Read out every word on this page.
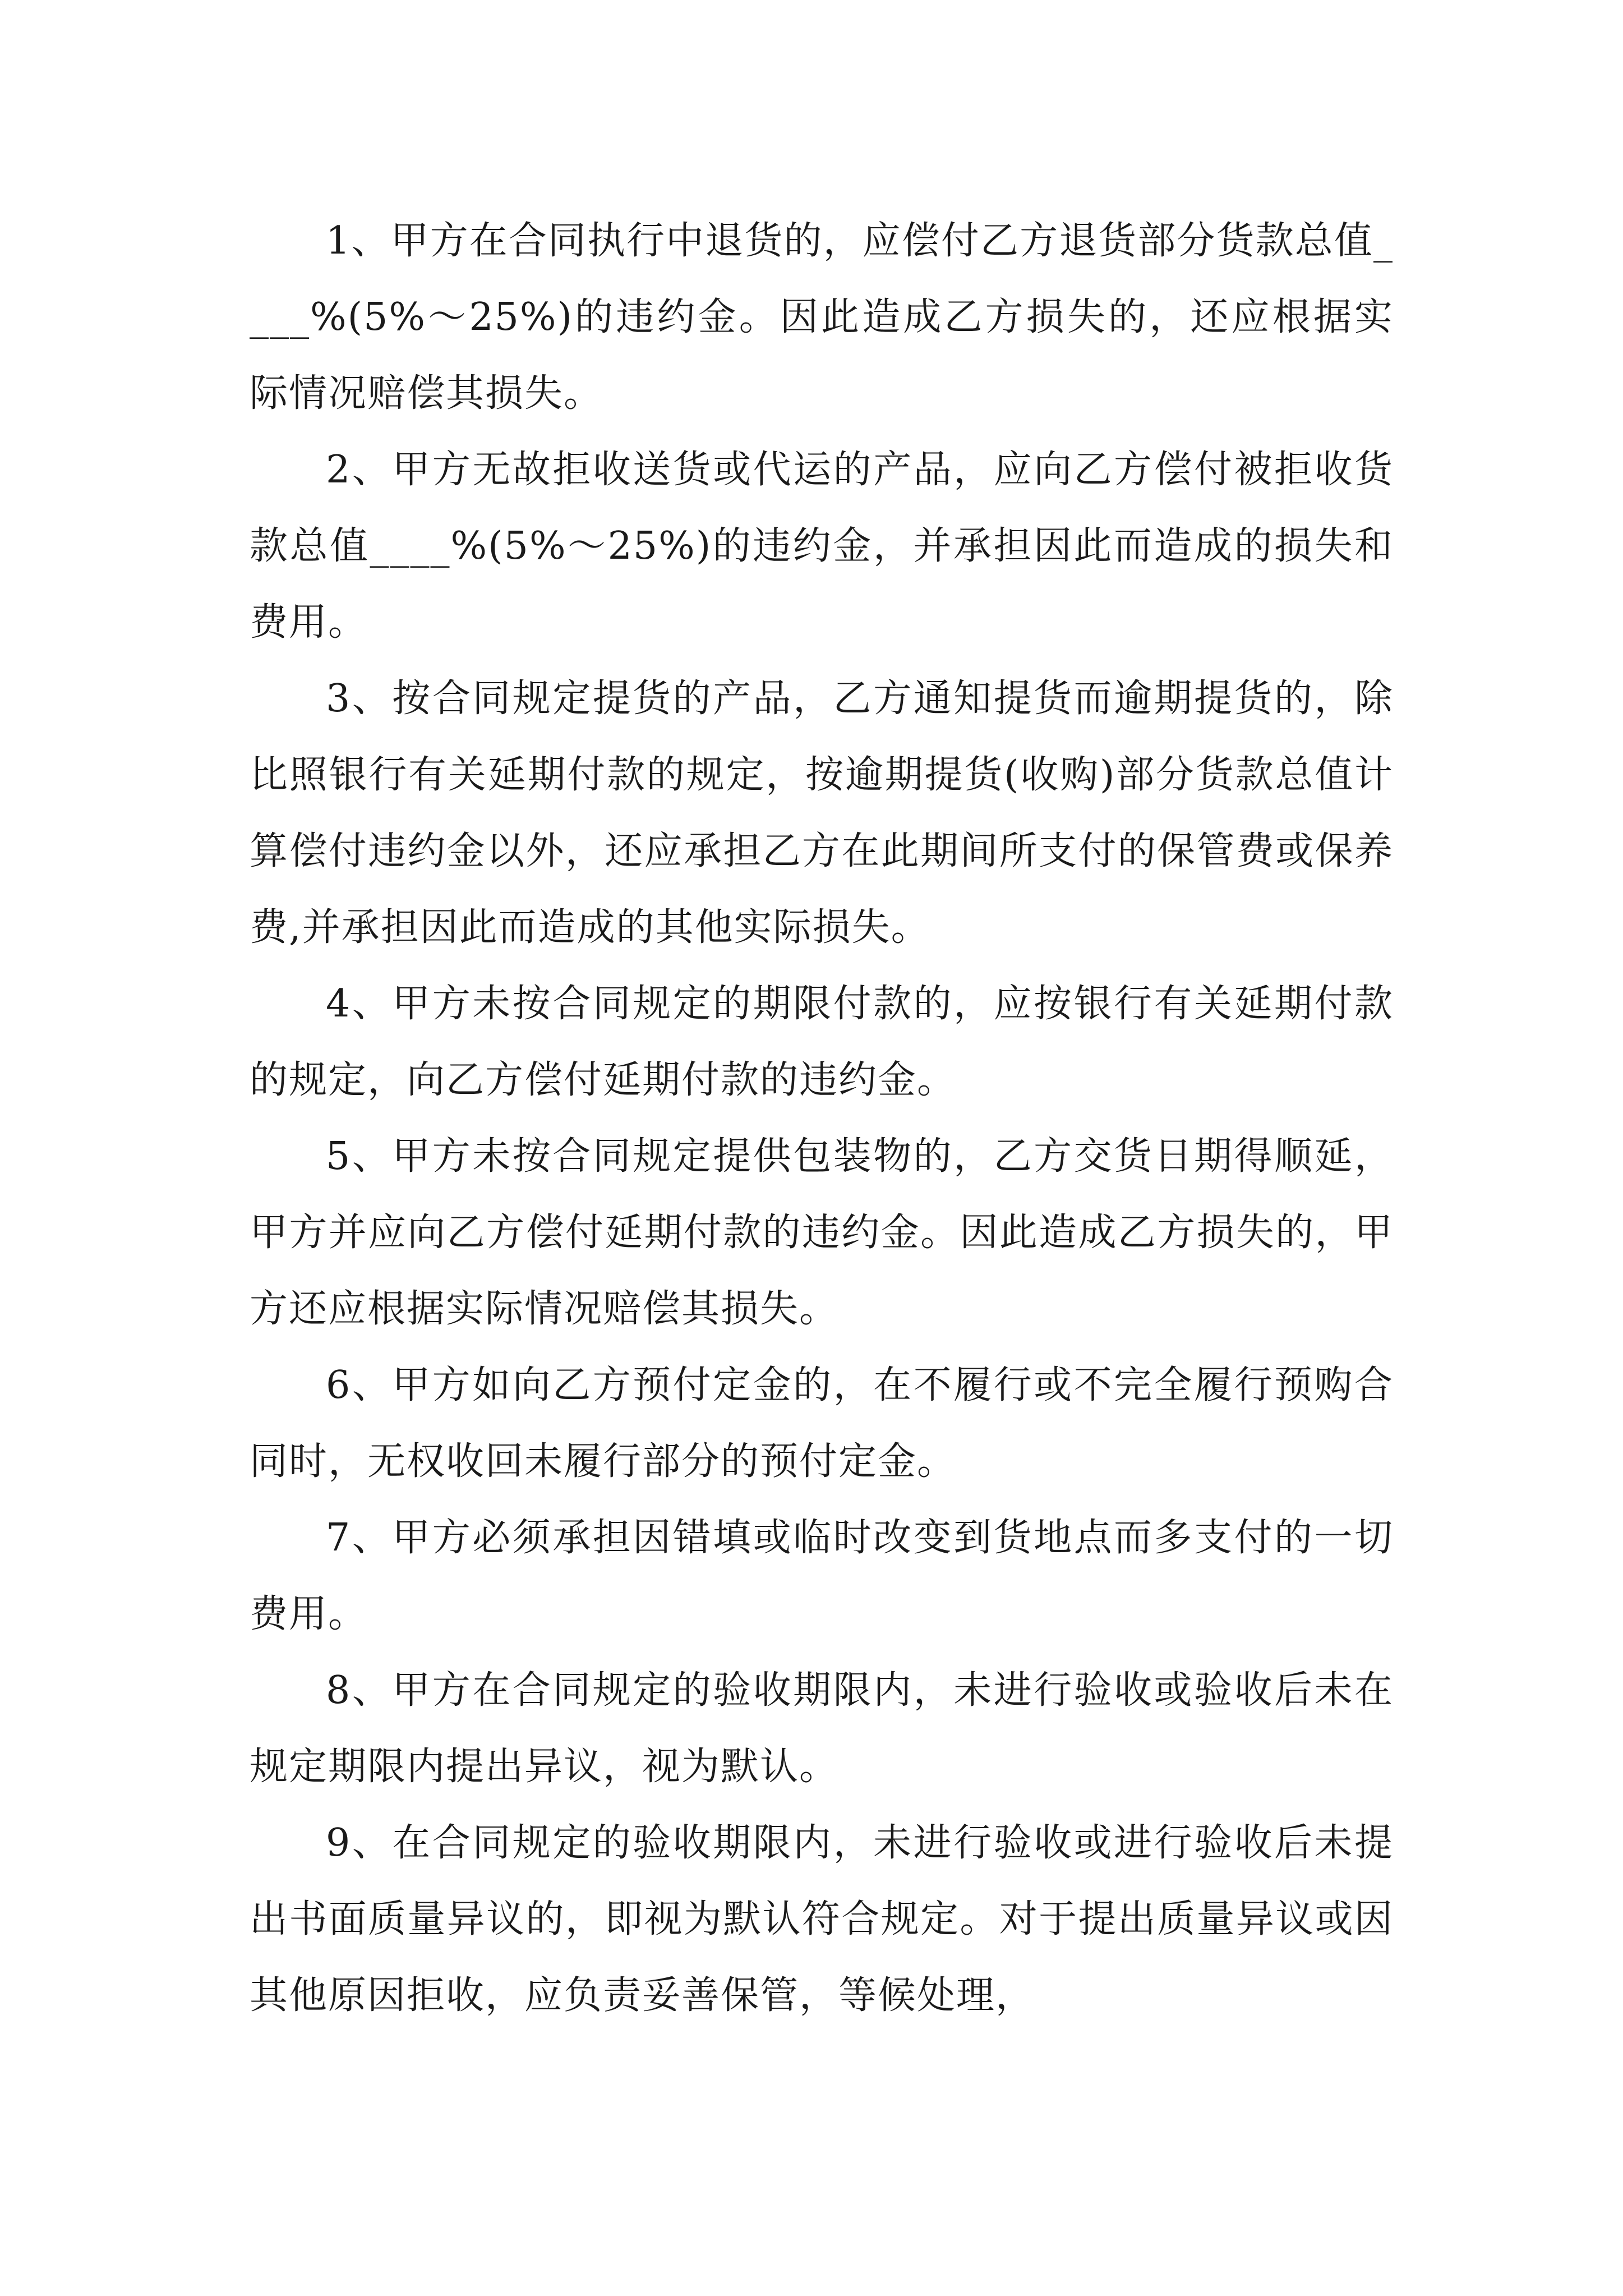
1、甲方在合同执行中退货的，应偿付乙方退货部分货款总值____%(5%～25%)的违约金。因此造成乙方损失的，还应根据实际情况赔偿其损失。

2、甲方无故拒收送货或代运的产品，应向乙方偿付被拒收货款总值____%(5%～25%)的违约金，并承担因此而造成的损失和费用。

3、按合同规定提货的产品，乙方通知提货而逾期提货的，除比照银行有关延期付款的规定，按逾期提货(收购)部分货款总值计算偿付违约金以外，还应承担乙方在此期间所支付的保管费或保养费,并承担因此而造成的其他实际损失。

4、甲方未按合同规定的期限付款的，应按银行有关延期付款的规定，向乙方偿付延期付款的违约金。

5、甲方未按合同规定提供包装物的，乙方交货日期得顺延，甲方并应向乙方偿付延期付款的违约金。因此造成乙方损失的，甲方还应根据实际情况赔偿其损失。

6、甲方如向乙方预付定金的，在不履行或不完全履行预购合同时，无权收回未履行部分的预付定金。

7、甲方必须承担因错填或临时改变到货地点而多支付的一切费用。

8、甲方在合同规定的验收期限内，未进行验收或验收后未在规定期限内提出异议，视为默认。

9、在合同规定的验收期限内，未进行验收或进行验收后未提出书面质量异议的，即视为默认符合规定。对于提出质量异议或因其他原因拒收，应负责妥善保管，等候处理，
